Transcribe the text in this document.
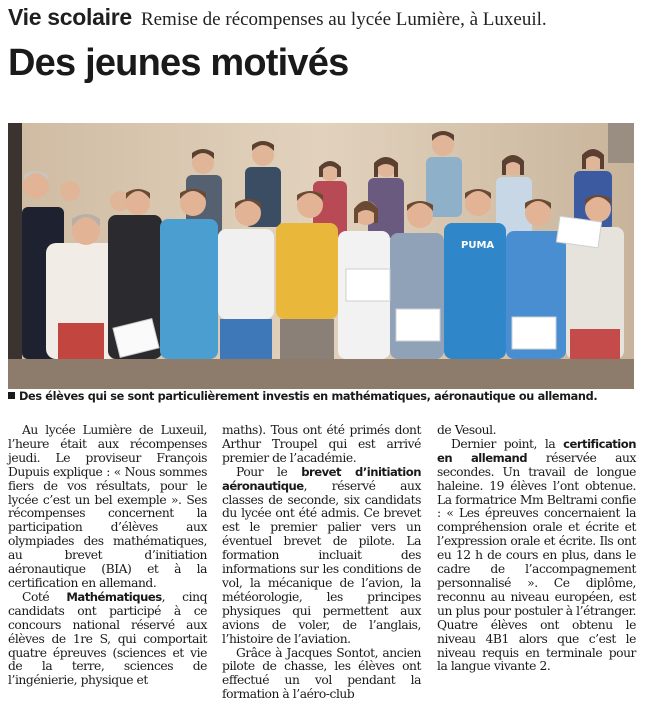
Vie scolaire Remise de récompenses au lycée Lumière, à Luxeuil.
Des jeunes motivés
PUMA
Des élèves qui se sont particulièrement investis en mathématiques, aéronautique ou allemand.

Au lycée Lumière de Luxeuil, l’heure était aux récompenses jeudi. Le proviseur François Dupuis explique : « Nous sommes fiers de vos résultats, pour le lycée c’est un bel exemple ». Ses récompenses concernent la participation d’élèves aux olympiades des mathématiques, au brevet d’initiation aéronautique (BIA) et à la certification en allemand.

Coté Mathématiques, cinq candidats ont participé à ce concours national réservé aux élèves de 1re S, qui comportait quatre épreuves (sciences et vie de la terre, sciences de l’ingénierie, physique et

maths). Tous ont été primés dont Arthur Troupel qui est arrivé premier de l’académie.

Pour le brevet d’initiation aéronautique, réservé aux classes de seconde, six candidats du lycée ont été admis. Ce brevet est le premier palier vers un éventuel brevet de pilote. La formation incluait des informations sur les conditions de vol, la mécanique de l’avion, la météorologie, les principes physiques qui permettent aux avions de voler, de l’anglais, l’histoire de l’aviation.

Grâce à Jacques Sontot, ancien pilote de chasse, les élèves ont effectué un vol pendant la formation à l’aéro-club

de Vesoul.

Dernier point, la certification en allemand réservée aux secondes. Un travail de longue haleine. 19 élèves l’ont obtenue. La formatrice Mm Beltrami confie : « Les épreuves concernaient la compréhension orale et écrite et l’expression orale et écrite. Ils ont eu 12 h de cours en plus, dans le cadre de l’accompagnement personnalisé ». Ce diplôme, reconnu au niveau européen, est un plus pour postuler à l’étranger. Quatre élèves ont obtenu le niveau 4B1 alors que c’est le niveau requis en terminale pour la langue vivante 2.
